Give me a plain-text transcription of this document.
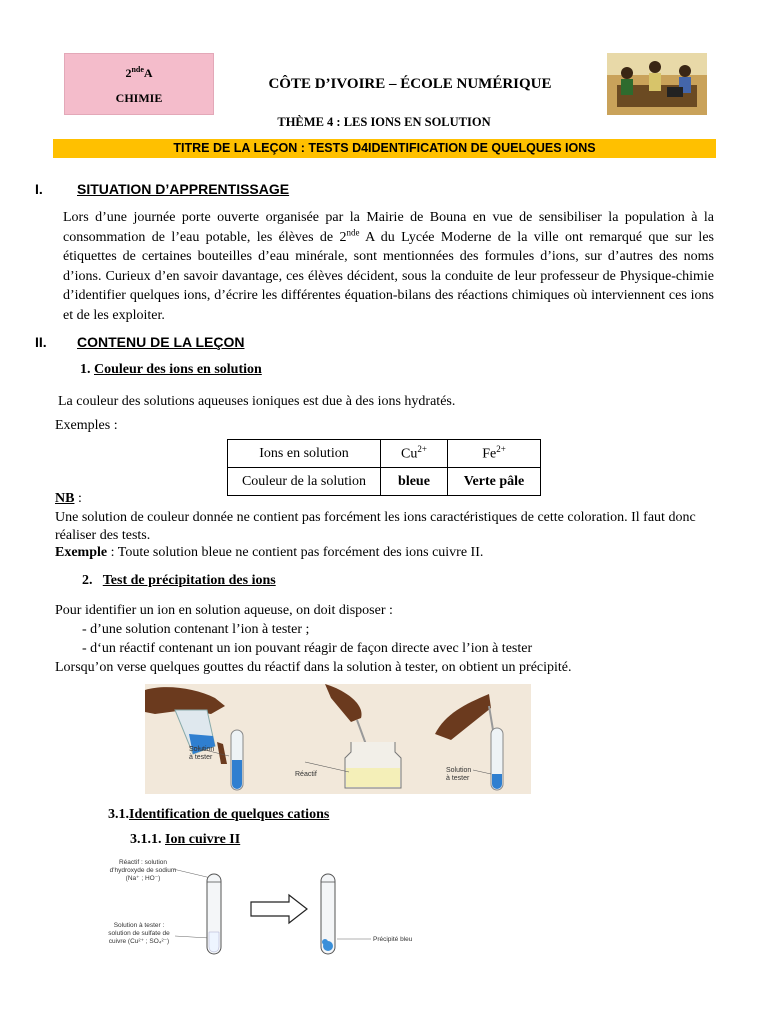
2ndeA
CHIMIE
CÔTE D’IVOIRE – ÉCOLE NUMÉRIQUE
THÈME 4 : LES IONS EN SOLUTION
TITRE DE LA LEÇON : TESTS D4IDENTIFICATION DE QUELQUES IONS
I. SITUATION D’APPRENTISSAGE
Lors d’une journée porte ouverte organisée par la Mairie de Bouna en vue de sensibiliser la population à la consommation de l’eau potable, les élèves de 2nde A du Lycée Moderne de la ville ont remarqué que sur les étiquettes de certaines bouteilles d’eau minérale, sont mentionnées des formules d’ions, sur d’autres des noms d’ions. Curieux d’en savoir davantage, ces élèves décident, sous la conduite de leur professeur de Physique-chimie d’identifier quelques ions, d’écrire les différentes équation-bilans des réactions chimiques où interviennent ces ions et de les exploiter.
II. CONTENU DE LA LEÇON
1. Couleur des ions en solution
La couleur des solutions aqueuses ioniques est due à des ions hydratés.
Exemples :
Ions en solution	$Cu^{2+}$	$Fe^{2+}$
Couleur de la solution	bleue	Verte pâle
NB :
Une solution de couleur donnée ne contient pas forcément les ions caractéristiques de cette coloration. Il faut donc réaliser des tests.
Exemple : Toute solution bleue ne contient pas forcément des ions cuivre II.
2. Test de précipitation des ions
Pour identifier un ion en solution aqueuse, on doit disposer :
- d’une solution contenant l’ion à tester ;
- d‘un réactif contenant un ion pouvant réagir de façon directe avec l’ion à tester
Lorsqu’on verse quelques gouttes du réactif dans la solution à tester, on obtient un précipité.
Solution
à tester
Réactif
Solution
à tester
3.1.Identification de quelques cations
3.1.1. Ion cuivre II
Réactif : solution
d'hydroxyde de sodium
(Na⁺ ; HO⁻)
Solution à tester :
solution de sulfate de
cuivre (Cu²⁺ ; SO₄²⁻)	Précipité bleu
